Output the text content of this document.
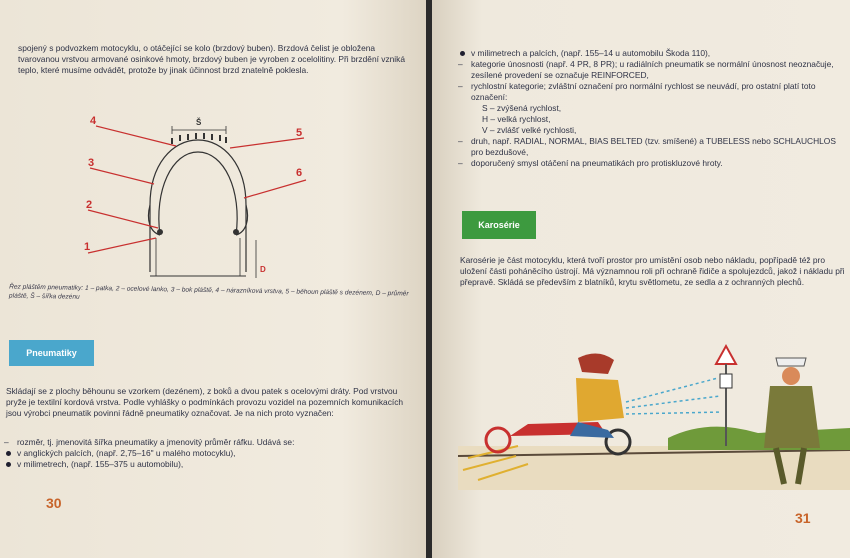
spojený s podvozkem motocyklu, o otáčející se kolo (brzdový buben). Brzdová čelist je obložena tvarovanou vrstvou armované osinkové hmoty, brzdový buben je vyroben z ocelolitiny. Při brzdění vzniká teplo, které musíme odvádět, protože by jinak účinnost brzd znatelně poklesla.

4
3
2
1
5
6
Š
D

Řez pláštěm pneumatiky: 1 – patka, 2 – ocelové lanko, 3 – bok pláště, 4 – nárazníková vrstva, 5 – běhoun pláště s dezénem, D – průměr pláště, Š – šířka dezénu

Pneumatiky

Skládají se z plochy běhounu se vzorkem (dezénem), z boků a dvou patek s ocelovými dráty. Pod vrstvou pryže je textilní kordová vrstva. Podle vyhlášky o podmínkách provozu vozidel na pozemních komunikacích jsou výrobci pneumatik povinni řádně pneumatiky označovat. Je na nich proto vyznačen:

– rozměr, tj. jmenovitá šířka pneumatiky a jmenovitý průměr ráfku. Udává se:
v anglických palcích, (např. 2,75–16" u malého motocyklu),
v milimetrech, (např. 155–375 u automobilu),
30
v milimetrech a palcích, (např. 155–14 u automobilu Škoda 110),
– kategorie únosnosti (např. 4 PR, 8 PR); u radiálních pneumatik se normální únosnost neoznačuje, zesílené provedení se označuje REINFORCED,
– rychlostní kategorie; zvláštní označení pro normální rychlost se neuvádí, pro ostatní platí toto označení:
S – zvýšená rychlost,
H – velká rychlost,
V – zvlášť velké rychlosti,
– druh, např. RADIAL, NORMAL, BIAS BELTED (tzv. smíšené) a TUBELESS nebo SCHLAUCHLOS pro bezdušové,
– doporučený smysl otáčení na pneumatikách pro protiskluzové hroty.
Karosérie

Karosérie je část motocyklu, která tvoří prostor pro umístění osob nebo nákladu, popřípadě též pro uložení části poháněcího ústrojí. Má významnou roli při ochraně řidiče a spolujezdců, jakož i nákladu při přepravě. Skládá se především z blatníků, krytu světlometu, ze sedla a z ochranných plechů.

31
